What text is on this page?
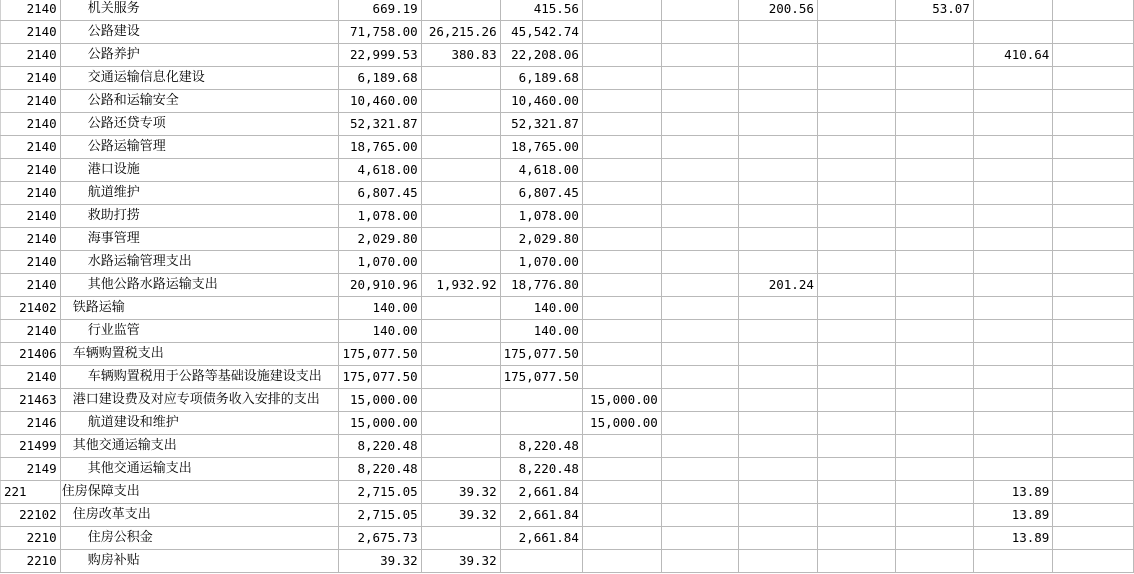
2140	机关服务	669.19		415.56			200.56		53.07		
2140	公路建设	71,758.00	26,215.26	45,542.74							
2140	公路养护	22,999.53	380.83	22,208.06						410.64	
2140	交通运输信息化建设	6,189.68		6,189.68							
2140	公路和运输安全	10,460.00		10,460.00							
2140	公路还贷专项	52,321.87		52,321.87							
2140	公路运输管理	18,765.00		18,765.00							
2140	港口设施	4,618.00		4,618.00							
2140	航道维护	6,807.45		6,807.45							
2140	救助打捞	1,078.00		1,078.00							
2140	海事管理	2,029.80		2,029.80							
2140	水路运输管理支出	1,070.00		1,070.00							
2140	其他公路水路运输支出	20,910.96	1,932.92	18,776.80			201.24				
21402	铁路运输	140.00		140.00							
2140	行业监管	140.00		140.00							
21406	车辆购置税支出	175,077.50		175,077.50							
2140	车辆购置税用于公路等基础设施建设支出	175,077.50		175,077.50							
21463	港口建设费及对应专项债务收入安排的支出	15,000.00			15,000.00						
2146	航道建设和维护	15,000.00			15,000.00						
21499	其他交通运输支出	8,220.48		8,220.48							
2149	其他交通运输支出	8,220.48		8,220.48							
221	住房保障支出	2,715.05	39.32	2,661.84						13.89	
22102	住房改革支出	2,715.05	39.32	2,661.84						13.89	
2210	住房公积金	2,675.73		2,661.84						13.89	
2210	购房补贴	39.32	39.32								
